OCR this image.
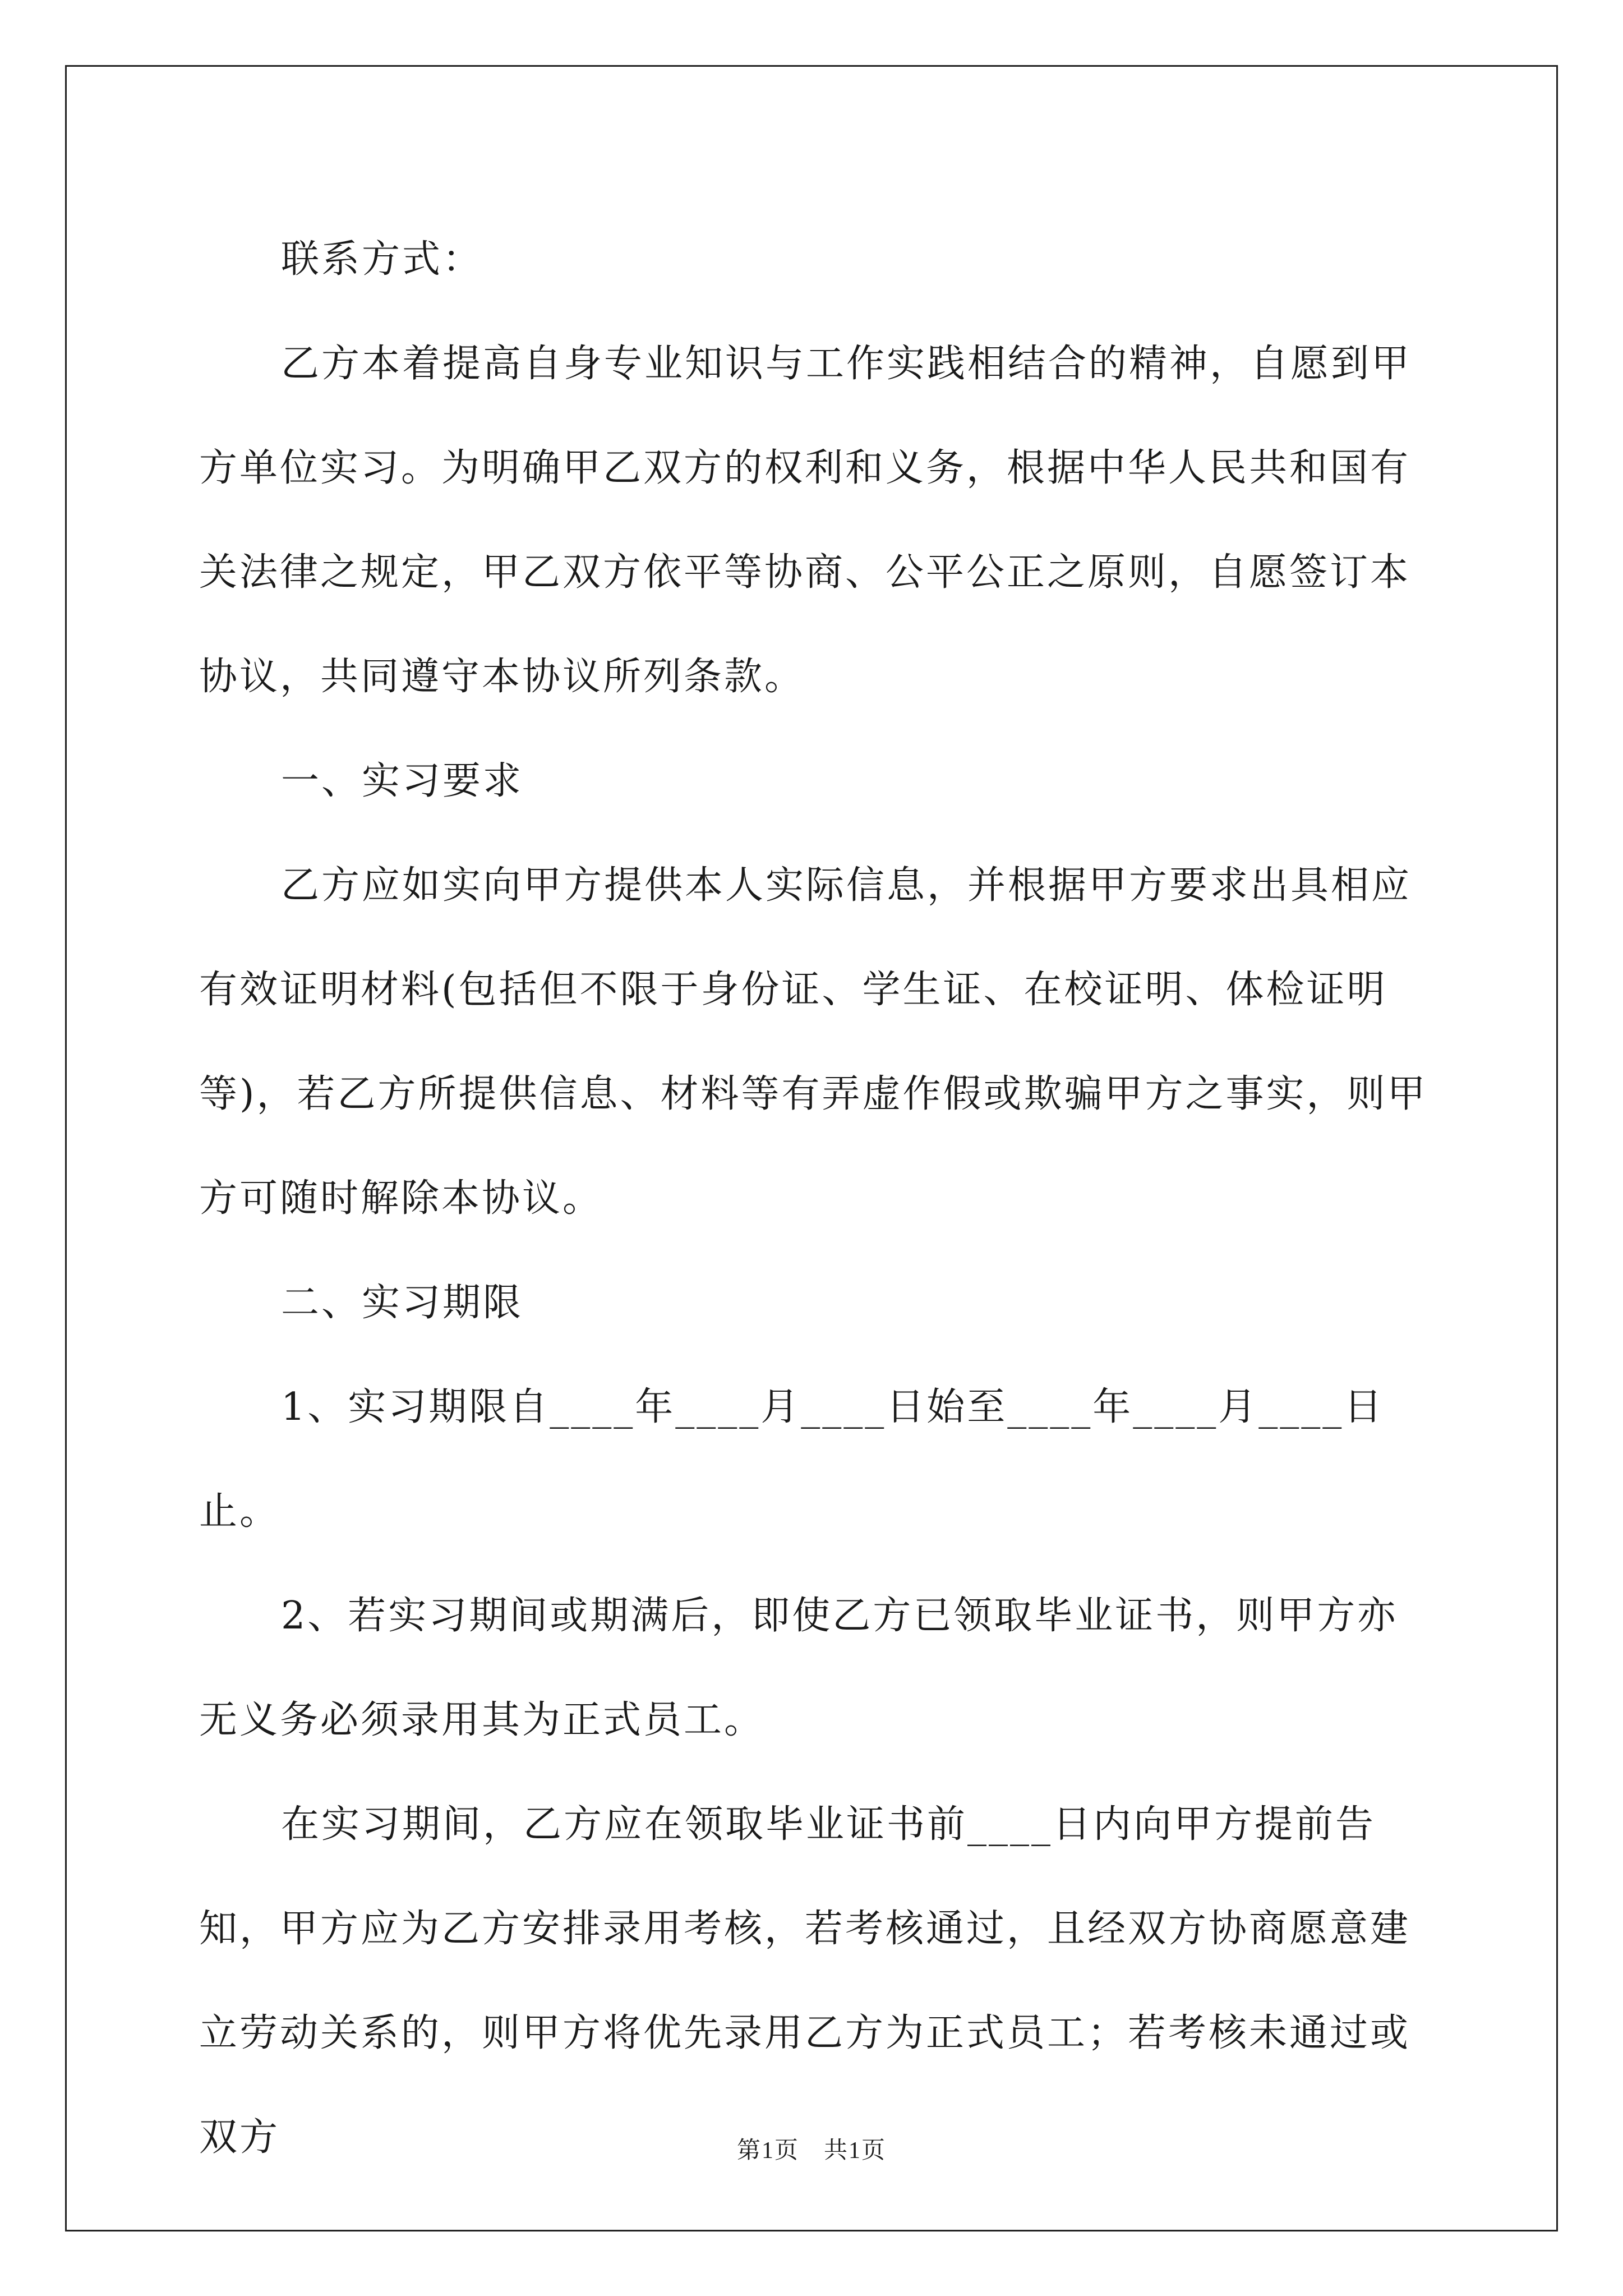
联系方式：

乙方本着提高自身专业知识与工作实践相结合的精神，自愿到甲方单位实习。为明确甲乙双方的权利和义务，根据中华人民共和国有关法律之规定，甲乙双方依平等协商、公平公正之原则，自愿签订本协议，共同遵守本协议所列条款。

一、实习要求

乙方应如实向甲方提供本人实际信息，并根据甲方要求出具相应有效证明材料(包括但不限于身份证、学生证、在校证明、体检证明等)，若乙方所提供信息、材料等有弄虚作假或欺骗甲方之事实，则甲方可随时解除本协议。

二、实习期限

1、实习期限自____年____月____日始至____年____月____日止。

2、若实习期间或期满后，即使乙方已领取毕业证书，则甲方亦无义务必须录用其为正式员工。

在实习期间，乙方应在领取毕业证书前____日内向甲方提前告知，甲方应为乙方安排录用考核，若考核通过，且经双方协商愿意建立劳动关系的，则甲方将优先录用乙方为正式员工；若考核未通过或双方	第1页　共1页
